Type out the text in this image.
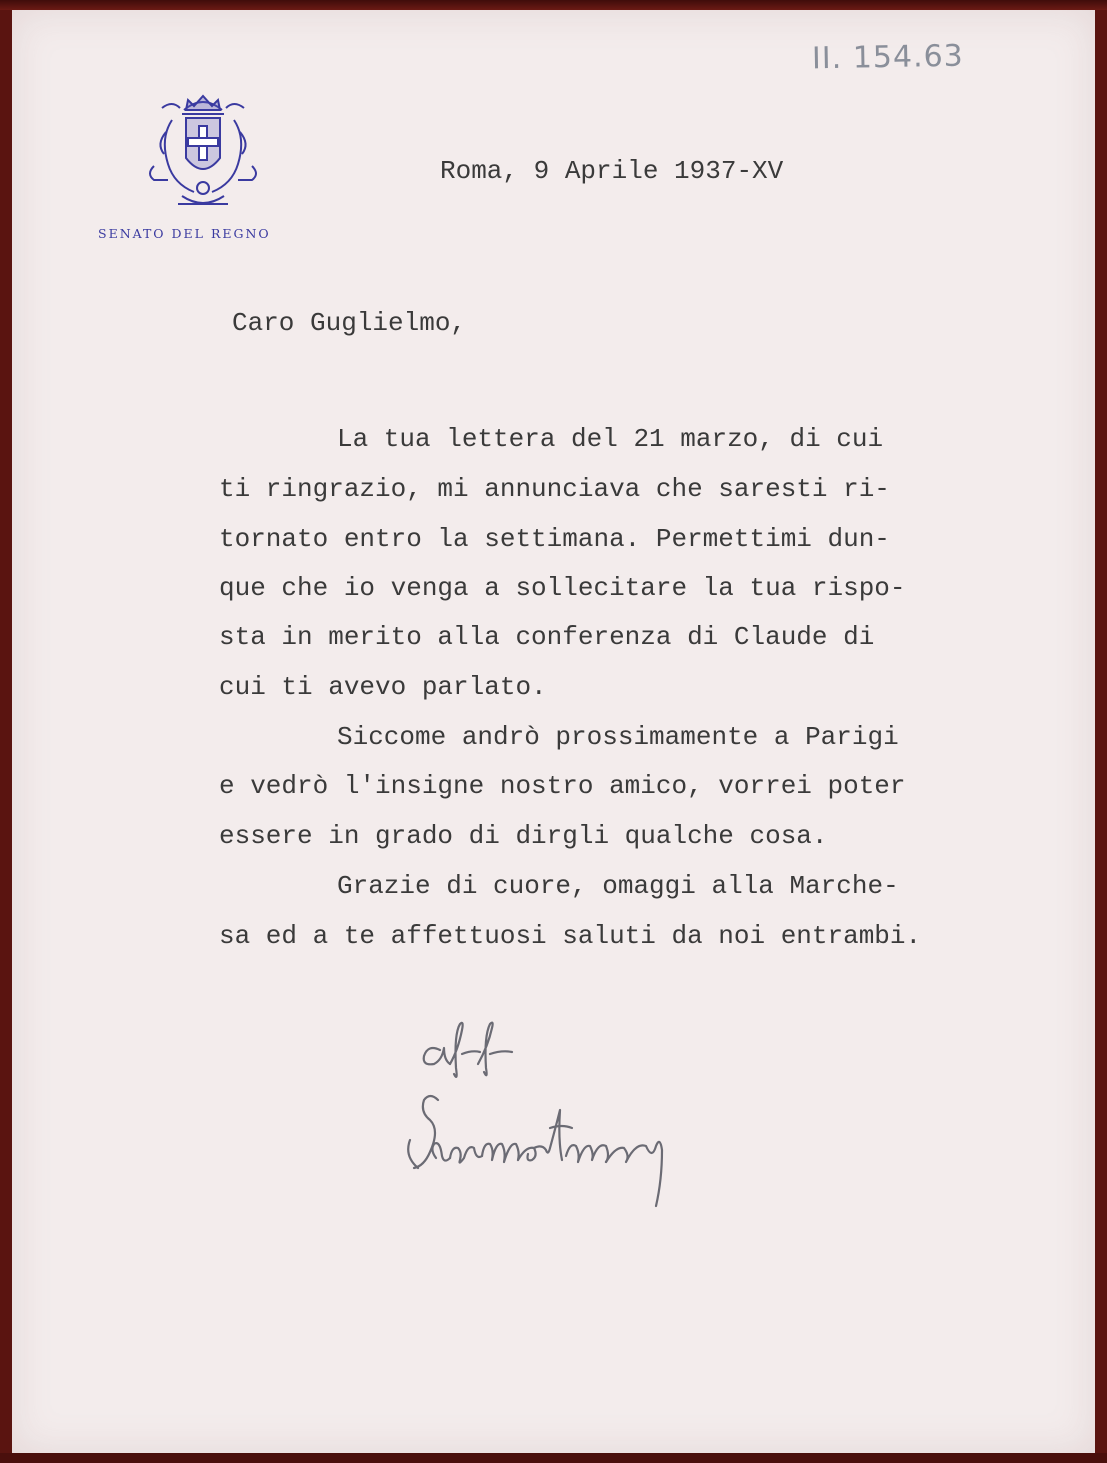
II. 154.63
SENATO DEL REGNO
Roma, 9 Aprile 1937-XV
Caro Guglielmo,
La tua lettera del 21 marzo, di cui
ti ringrazio, mi annunciava che saresti ri-
tornato entro la settimana. Permettimi dun-
que che io venga a sollecitare la tua rispo-
sta in merito alla conferenza di Claude di
cui ti avevo parlato.
Siccome andrò prossimamente a Parigi
e vedrò l'insigne nostro amico, vorrei poter
essere in grado di dirgli qualche cosa.
Grazie di cuore, omaggi alla Marche-
sa ed a te affettuosi saluti da noi entrambi.
